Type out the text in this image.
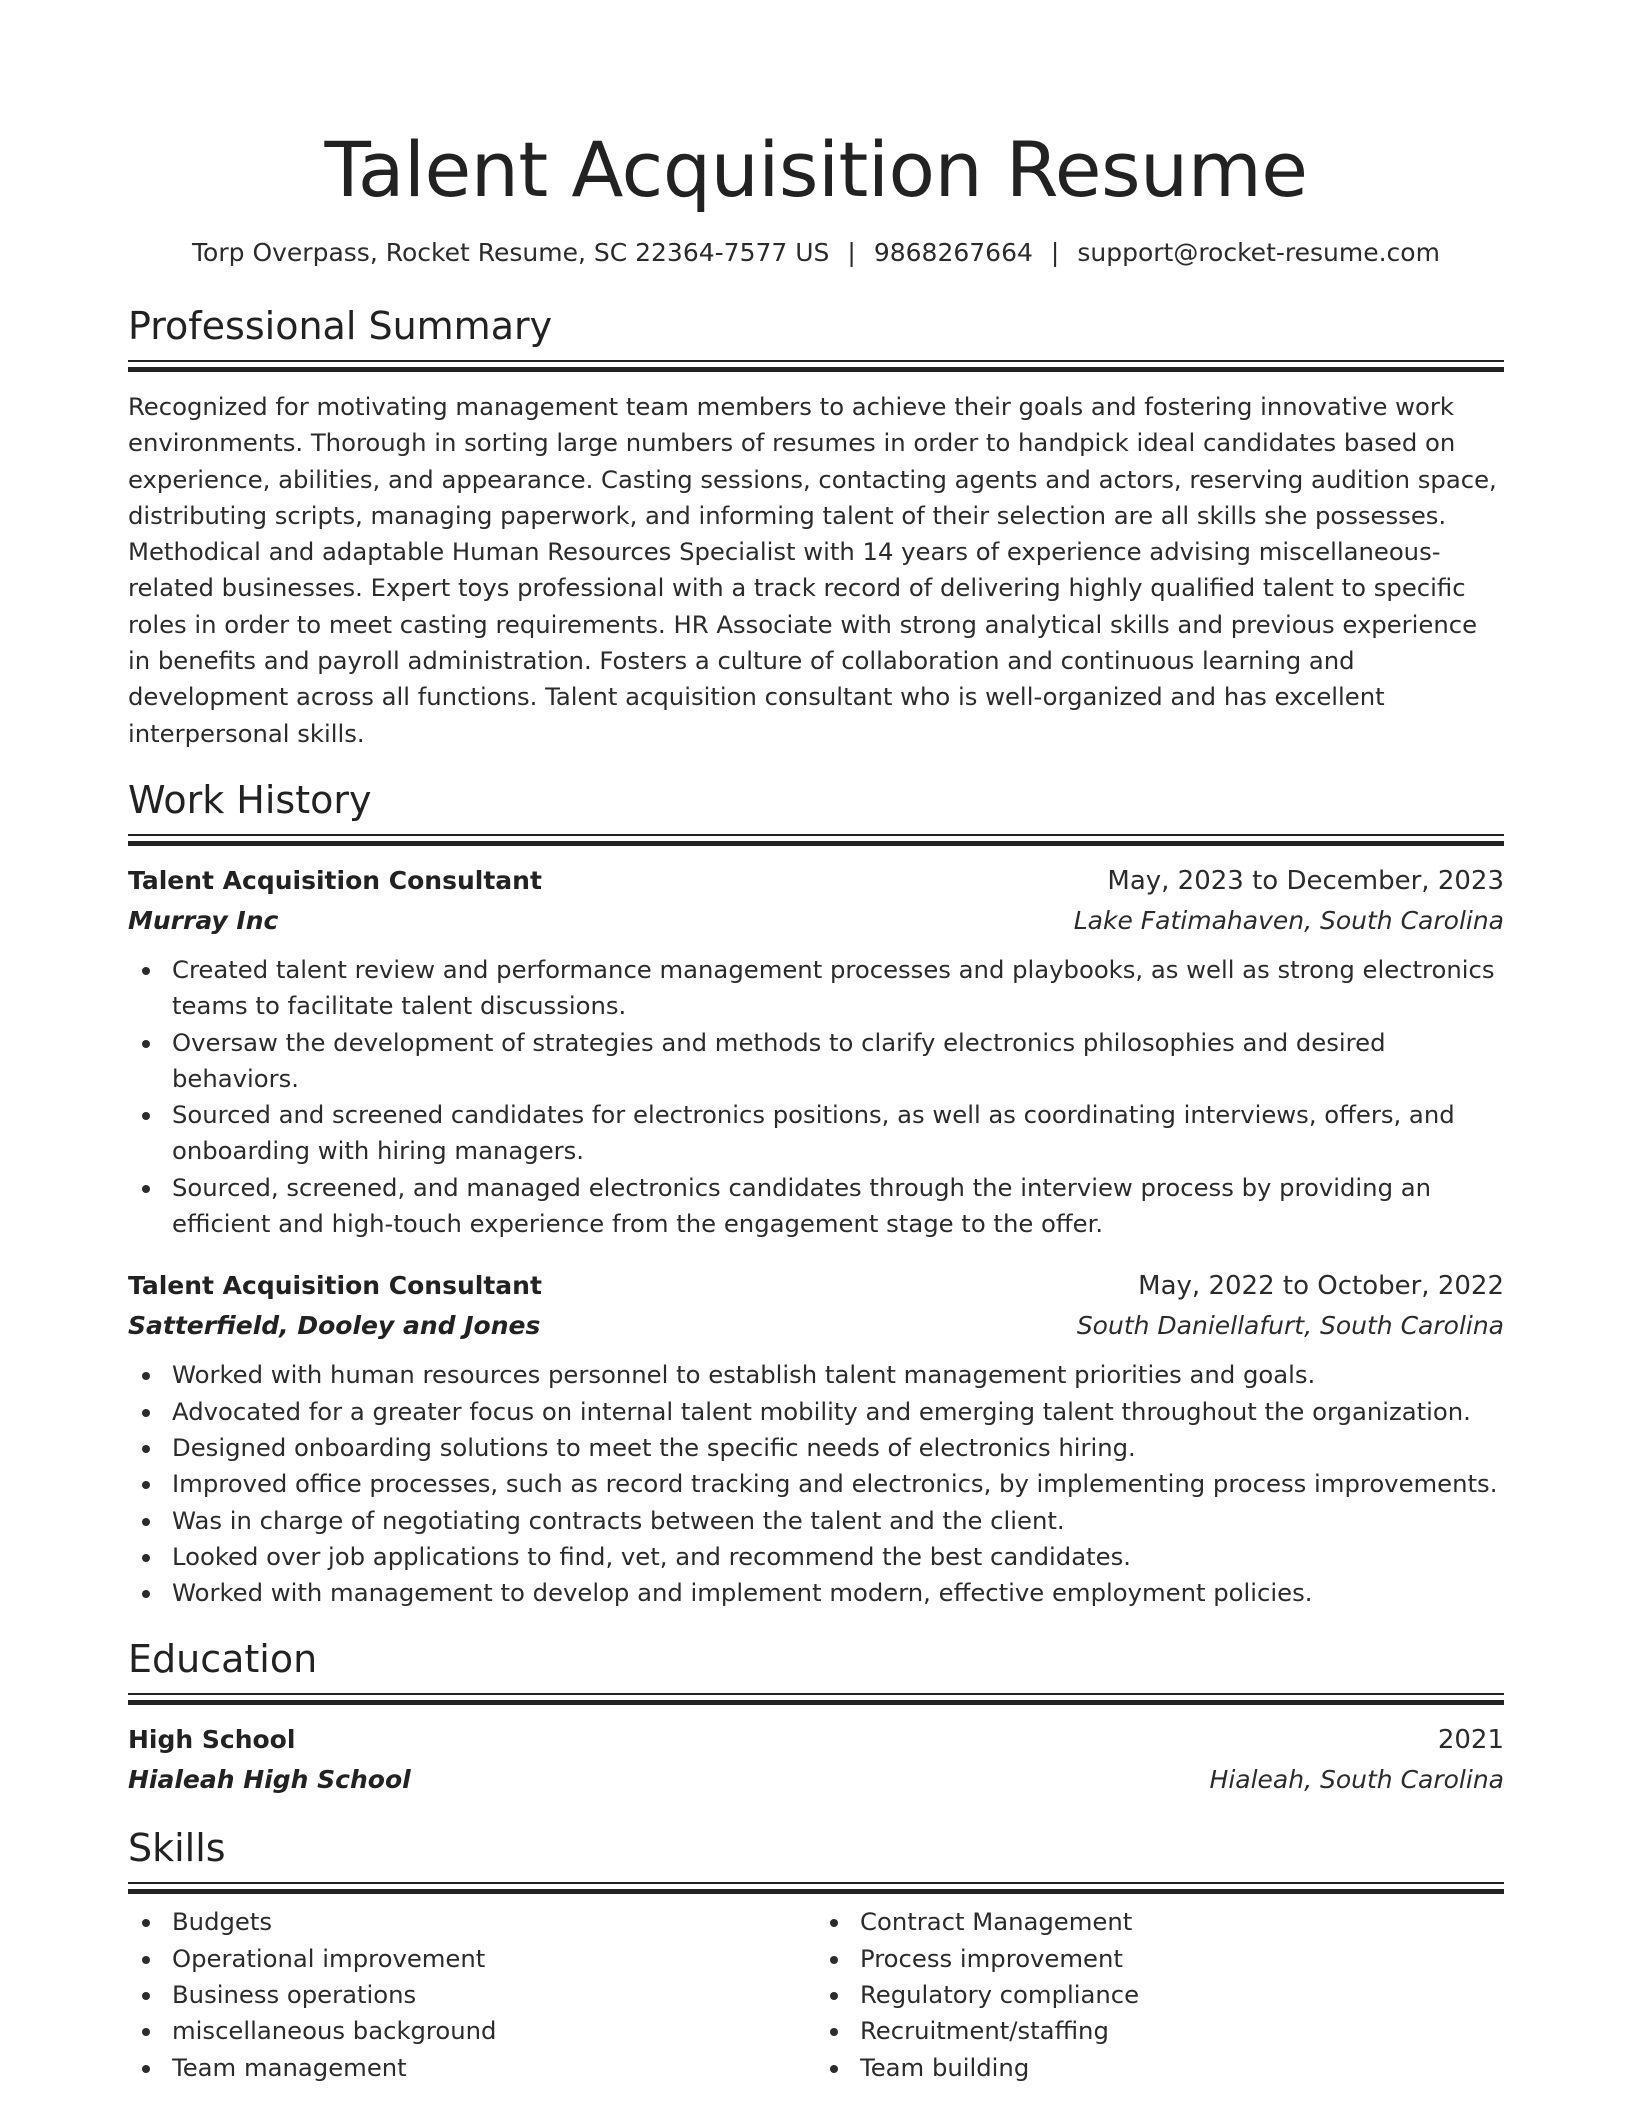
Talent Acquisition Resume
Torp Overpass, Rocket Resume, SC 22364-7577 US | 9868267664 | support@rocket-resume.com
Professional Summary

Recognized for motivating management team members to achieve their goals and fostering innovative work environments. Thorough in sorting large numbers of resumes in order to handpick ideal candidates based on experience, abilities, and appearance. Casting sessions, contacting agents and actors, reserving audition space, distributing scripts, managing paperwork, and informing talent of their selection are all skills she possesses. Methodical and adaptable Human Resources Specialist with 14 years of experience advising miscellaneous-related businesses. Expert toys professional with a track record of delivering highly qualified talent to specific roles in order to meet casting requirements. HR Associate with strong analytical skills and previous experience in benefits and payroll administration. Fosters a culture of collaboration and continuous learning and development across all functions. Talent acquisition consultant who is well-organized and has excellent interpersonal skills.

Work History
Talent Acquisition Consultant	May, 2023 to December, 2023
Murray Inc	Lake Fatimahaven, South Carolina
Created talent review and performance management processes and playbooks, as well as strong electronics teams to facilitate talent discussions.
Oversaw the development of strategies and methods to clarify electronics philosophies and desired behaviors.
Sourced and screened candidates for electronics positions, as well as coordinating interviews, offers, and onboarding with hiring managers.
Sourced, screened, and managed electronics candidates through the interview process by providing an efficient and high-touch experience from the engagement stage to the offer.
Talent Acquisition Consultant	May, 2022 to October, 2022
Satterfield, Dooley and Jones	South Daniellafurt, South Carolina
Worked with human resources personnel to establish talent management priorities and goals.
Advocated for a greater focus on internal talent mobility and emerging talent throughout the organization.
Designed onboarding solutions to meet the specific needs of electronics hiring.
Improved office processes, such as record tracking and electronics, by implementing process improvements.
Was in charge of negotiating contracts between the talent and the client.
Looked over job applications to find, vet, and recommend the best candidates.
Worked with management to develop and implement modern, effective employment policies.
Education
High School	2021
Hialeah High School	Hialeah, South Carolina
Skills
Budgets
Operational improvement
Business operations
miscellaneous background
Team management
Contract Management
Process improvement
Regulatory compliance
Recruitment/staffing
Team building
